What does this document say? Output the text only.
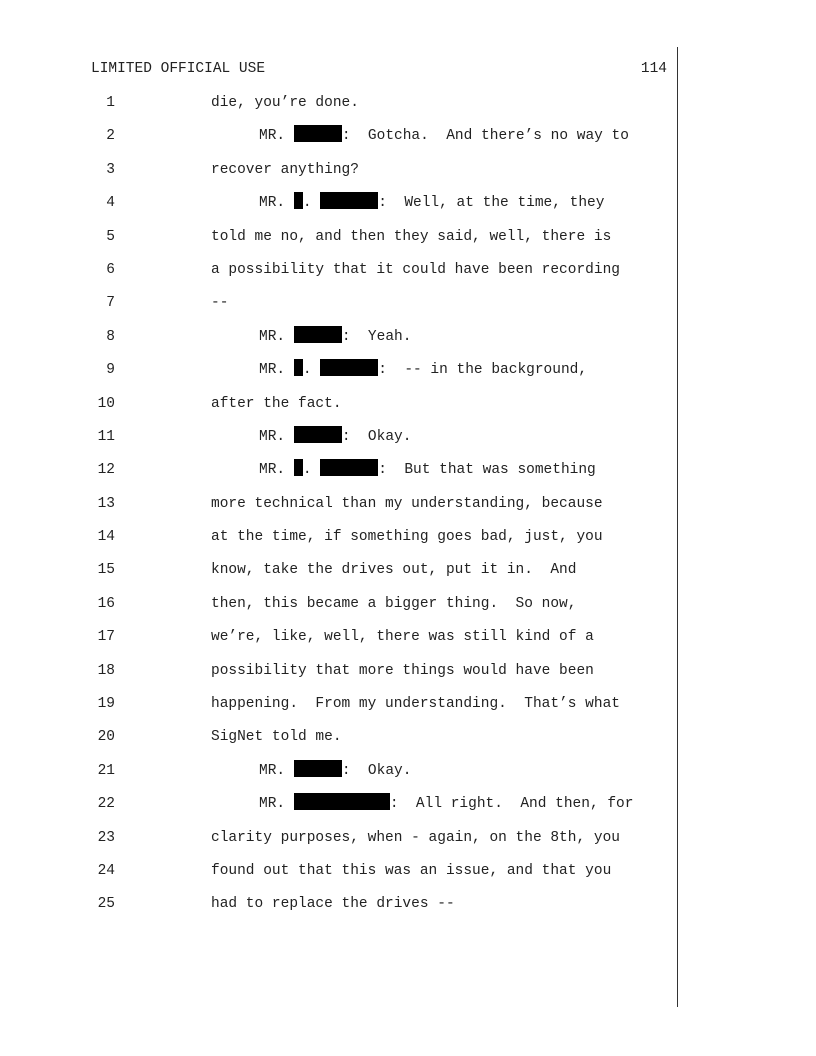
LIMITED OFFICIAL USE	114

1

	die, you’re done.

2

	MR.	:  Gotcha.  And there’s no way to

3

	recover anything?

4

	MR. .	:  Well, at the time, they

5

	told me no, and then they said, well, there is

6

	a possibility that it could have been recording

7

	--

8

	MR.	:  Yeah.

9

	MR. .	:  -- in the background,

10

	after the fact.

11

	MR.	:  Okay.

12

	MR. .	:  But that was something

13

	more technical than my understanding, because

14

	at the time, if something goes bad, just, you

15

	know, take the drives out, put it in.  And

16

	then, this became a bigger thing.  So now,

17

	we’re, like, well, there was still kind of a

18

	possibility that more things would have been

19

	happening.  From my understanding.  That’s what

20

	SigNet told me.

21

	MR.	:  Okay.

22

	MR.	:  All right.  And then, for

23

	clarity purposes, when - again, on the 8th, you

24

	found out that this was an issue, and that you

25

	had to replace the drives --
